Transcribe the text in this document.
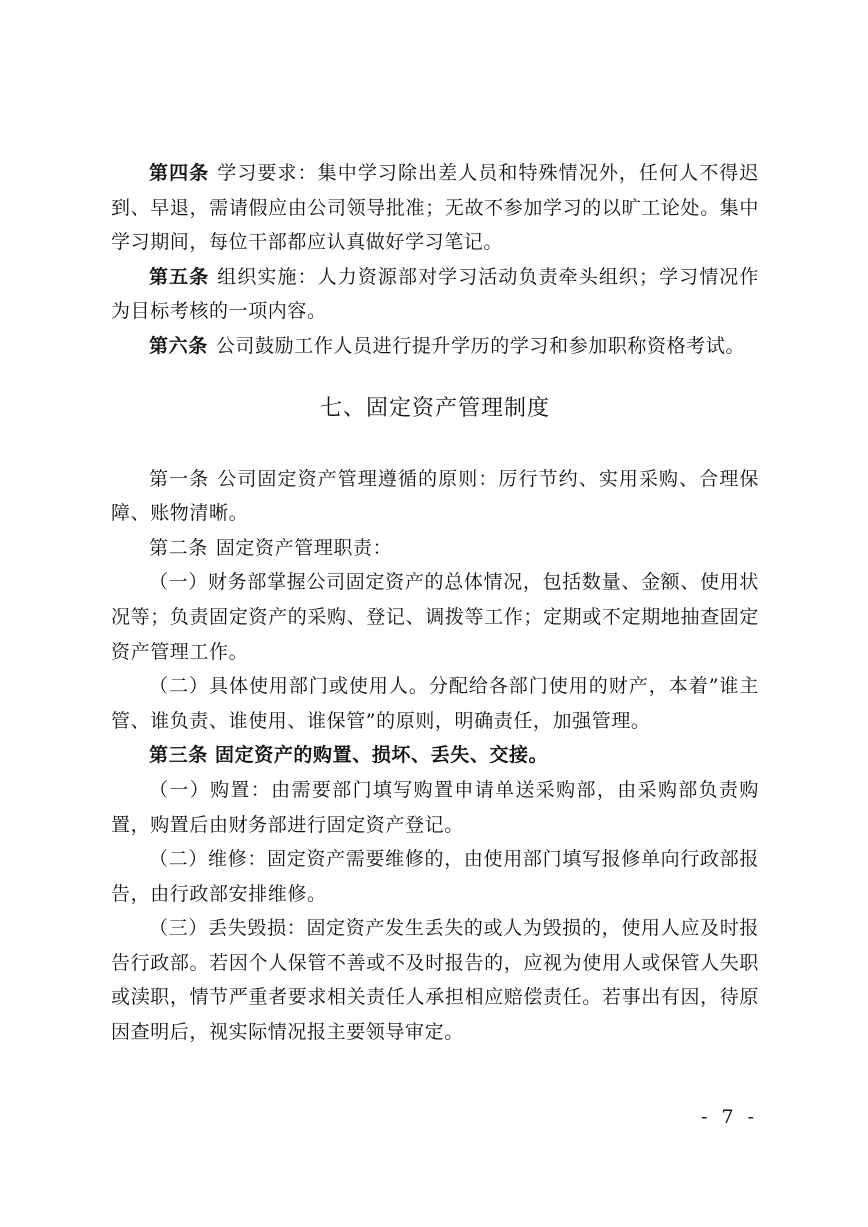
第四条 学习要求：集中学习除出差人员和特殊情况外，任何人不得迟到、早退，需请假应由公司领导批准；无故不参加学习的以旷工论处。集中学习期间，每位干部都应认真做好学习笔记。

第五条 组织实施：人力资源部对学习活动负责牵头组织；学习情况作为目标考核的一项内容。

第六条 公司鼓励工作人员进行提升学历的学习和参加职称资格考试。

七、固定资产管理制度

第一条 公司固定资产管理遵循的原则：厉行节约、实用采购、合理保障、账物清晰。

第二条 固定资产管理职责：

（一）财务部掌握公司固定资产的总体情况，包括数量、金额、使用状况等；负责固定资产的采购、登记、调拨等工作；定期或不定期地抽查固定资产管理工作。

（二）具体使用部门或使用人。分配给各部门使用的财产，本着”谁主管、谁负责、谁使用、谁保管”的原则，明确责任，加强管理。

第三条 固定资产的购置、损坏、丢失、交接。

（一）购置：由需要部门填写购置申请单送采购部，由采购部负责购置，购置后由财务部进行固定资产登记。

（二）维修：固定资产需要维修的，由使用部门填写报修单向行政部报告，由行政部安排维修。

（三）丢失毁损：固定资产发生丢失的或人为毁损的，使用人应及时报告行政部。若因个人保管不善或不及时报告的，应视为使用人或保管人失职或渎职，情节严重者要求相关责任人承担相应赔偿责任。若事出有因，待原因查明后，视实际情况报主要领导审定。

- 7 -
